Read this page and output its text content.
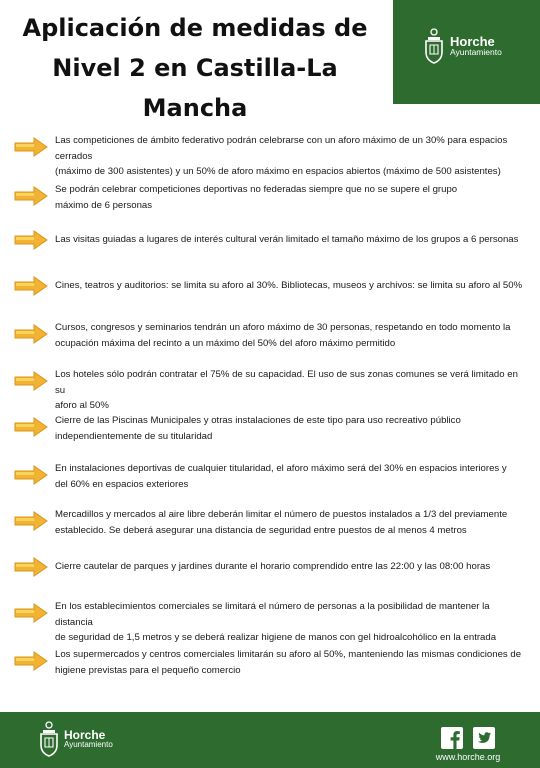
Aplicación de medidas de
Nivel 2 en Castilla-La Mancha
Horche
Ayuntamiento
Las competiciones de ámbito federativo podrán celebrarse con un aforo máximo de un 30% para espacios cerrados
(máximo de 300 asistentes) y un 50% de aforo máximo en espacios abiertos (máximo de 500 asistentes)
Se podrán celebrar competiciones deportivas no federadas siempre que no se supere el grupo
máximo de 6 personas
Las visitas guiadas a lugares de interés cultural verán limitado el tamaño máximo de los grupos a 6 personas
Cines, teatros y auditorios: se limita su aforo al 30%. Bibliotecas, museos y archivos: se limita su aforo al 50%
Cursos, congresos y seminarios tendrán un aforo máximo de 30 personas, respetando en todo momento la
ocupación máxima del recinto a un máximo del 50% del aforo máximo permitido
Los hoteles sólo podrán contratar el 75% de su capacidad. El uso de sus zonas comunes se verá limitado en su
aforo al 50%
Cierre de las Piscinas Municipales y otras instalaciones de este tipo para uso recreativo público
independientemente de su titularidad
En instalaciones deportivas de cualquier titularidad, el aforo máximo será del 30% en espacios interiores y
del 60% en espacios exteriores
Mercadillos y mercados al aire libre deberán limitar el número de puestos instalados a 1/3 del previamente
establecido. Se deberá asegurar una distancia de seguridad entre puestos de al menos 4 metros
Cierre cautelar de parques y jardines durante el horario comprendido entre las 22:00 y las 08:00 horas
En los establecimientos comerciales se limitará el número de personas a la posibilidad de mantener la distancia
de seguridad de 1,5 metros y se deberá realizar higiene de manos con gel hidroalcohólico en la entrada
Los supermercados y centros comerciales limitarán su aforo al 50%, manteniendo las mismas condiciones de
higiene previstas para el pequeño comercio
Horche
Ayuntamiento
www.horche.org
